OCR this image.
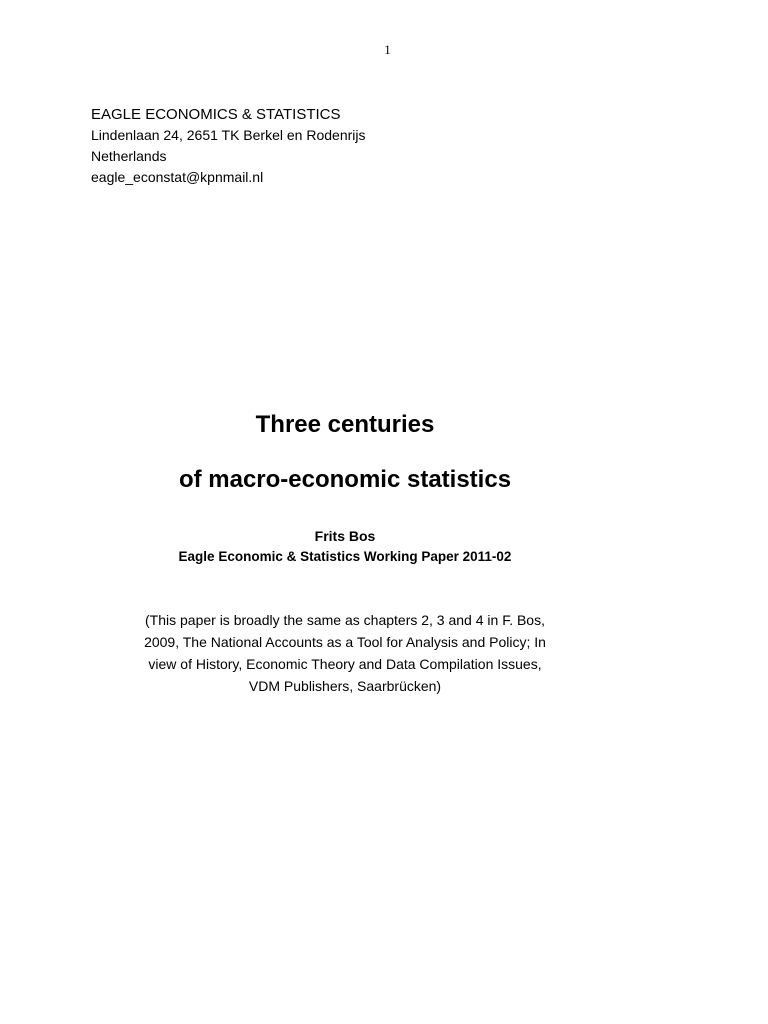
1
EAGLE ECONOMICS & STATISTICS
Lindenlaan 24, 2651 TK Berkel en Rodenrijs
Netherlands
eagle_econstat@kpnmail.nl
Three centuries
of macro-economic statistics
Frits Bos
Eagle Economic & Statistics Working Paper 2011-02
(This paper is broadly the same as chapters 2, 3 and 4 in F. Bos,
2009, The National Accounts as a Tool for Analysis and Policy; In
view of History, Economic Theory and Data Compilation Issues,
VDM Publishers, Saarbrücken)
